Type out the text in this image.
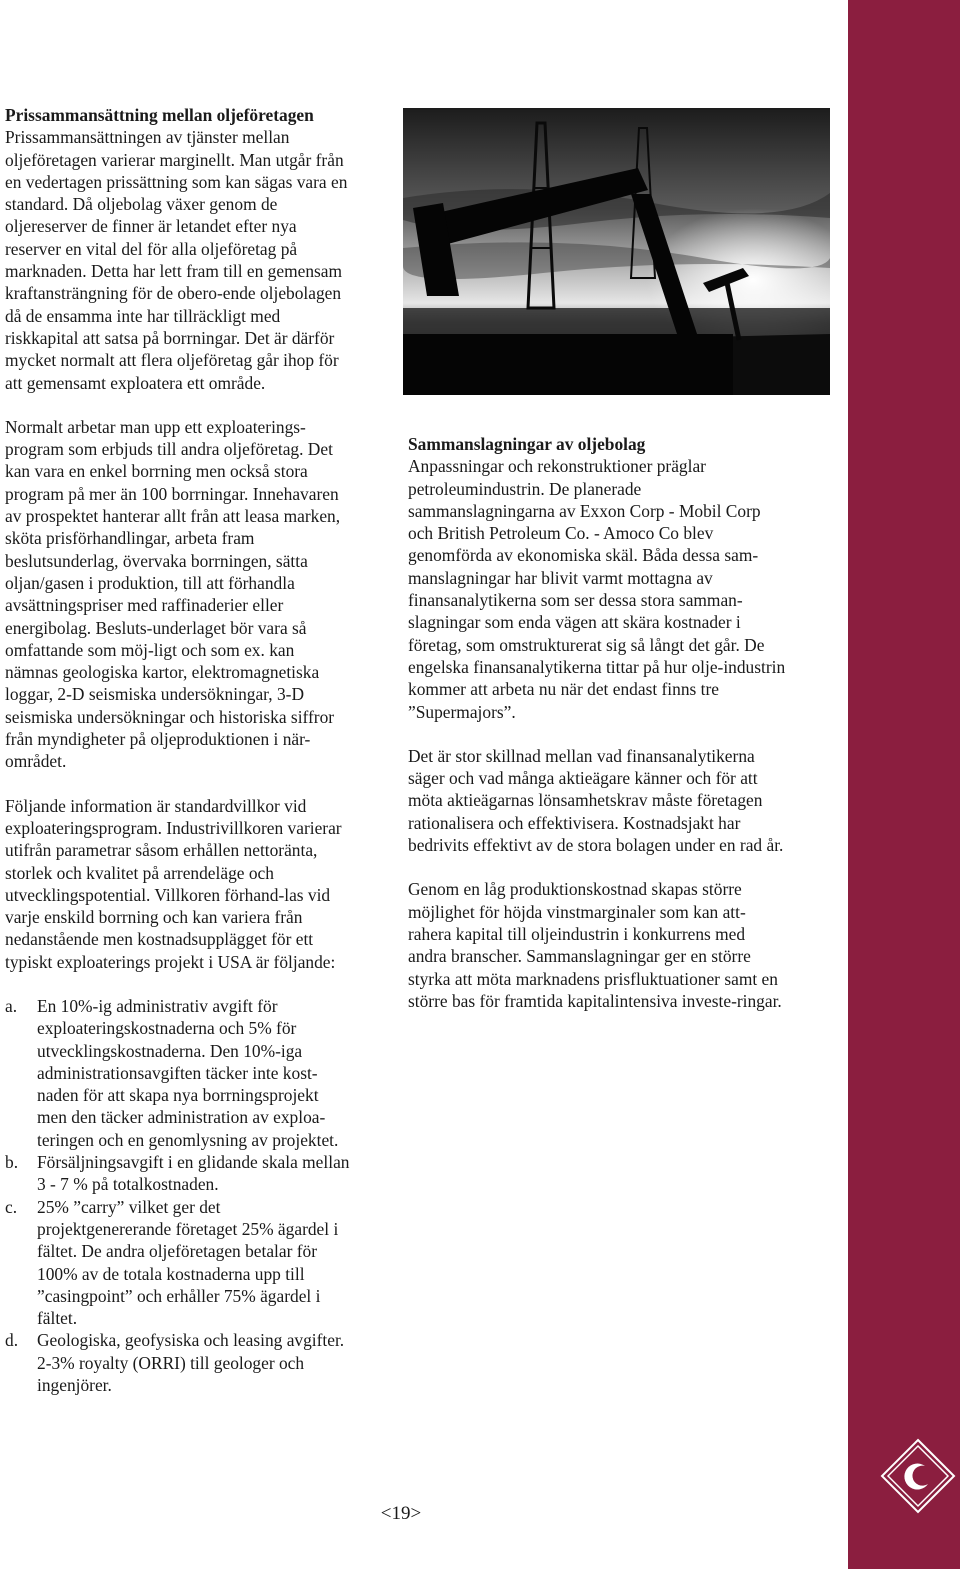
Prissammansättning mellan oljeföretagen

Prissammansättningen av tjänster mellan oljeföretagen varierar marginellt. Man utgår från en vedertagen prissättning som kan sägas vara en standard. Då oljebolag växer genom de oljereserver de finner är letandet efter nya reserver en vital del för alla oljeföretag på marknaden. Detta har lett fram till en gemensam kraftansträngning för de obero-ende oljebolagen då de ensamma inte har tillräckligt med riskkapital att satsa på borrningar. Det är därför mycket normalt att flera oljeföretag går ihop för att gemensamt exploatera ett område.

Normalt arbetar man upp ett exploaterings-program som erbjuds till andra oljeföretag. Det kan vara en enkel borrning men också stora program på mer än 100 borrningar. Innehavaren av prospektet hanterar allt från att leasa marken, sköta prisförhandlingar, arbeta fram beslutsunderlag, övervaka borrningen, sätta oljan/gasen i produktion, till att förhandla avsättningspriser med raffinaderier eller energibolag. Besluts-underlaget bör vara så omfattande som möj-ligt och som ex. kan nämnas geologiska kartor, elektromagnetiska loggar, 2-D seismiska undersökningar, 3-D seismiska undersökningar och historiska siffror från myndigheter på oljeproduktionen i när-området.

Följande information är standardvillkor vid exploateringsprogram. Industrivillkoren varierar utifrån parametrar såsom erhållen nettoränta, storlek och kvalitet på arrendeläge och utvecklingspotential. Villkoren förhand-las vid varje enskild borrning och kan variera från nedanstående men kostnadsupplägget för ett typiskt exploaterings projekt i USA är följande:

a. En 10%-ig administrativ avgift för exploateringskostnaderna och 5% för utvecklingskostnaderna. Den 10%-iga administrationsavgiften täcker inte kost-naden för att skapa nya borrningsprojekt men den täcker administration av exploa-teringen och en genomlysning av projektet.
b. Försäljningsavgift i en glidande skala mellan 3 - 7 % på totalkostnaden.
c. 25% ”carry” vilket ger det projektgenererande företaget 25% ägardel i fältet. De andra oljeföretagen betalar för 100% av de totala kostnaderna upp till ”casingpoint” och erhåller 75% ägardel i fältet.
d. Geologiska, geofysiska och leasing avgifter. 2-3% royalty (ORRI) till geologer och ingenjörer.
Sammanslagningar av oljebolag

Anpassningar och rekonstruktioner präglar petroleumindustrin. De planerade sammanslagningarna av Exxon Corp - Mobil Corp och British Petroleum Co. - Amoco Co blev genomförda av ekonomiska skäl. Båda dessa sam-manslagningar har blivit varmt mottagna av finansanalytikerna som ser dessa stora samman-slagningar som enda vägen att skära kostnader i företag, som omstrukturerat sig så långt det går. De engelska finansanalytikerna tittar på hur olje-industrin kommer att arbeta nu när det endast finns tre ”Supermajors”.

Det är stor skillnad mellan vad finansanalytikerna säger och vad många aktieägare känner och för att möta aktieägarnas lönsamhetskrav måste företagen rationalisera och effektivisera. Kostnadsjakt har bedrivits effektivt av de stora bolagen under en rad år.

Genom en låg produktionskostnad skapas större möjlighet för höjda vinstmarginaler som kan att-rahera kapital till oljeindustrin i konkurrens med andra branscher. Sammanslagningar ger en större styrka att möta marknadens prisfluktuationer samt en större bas för framtida kapitalintensiva investe-ringar.

<19>
